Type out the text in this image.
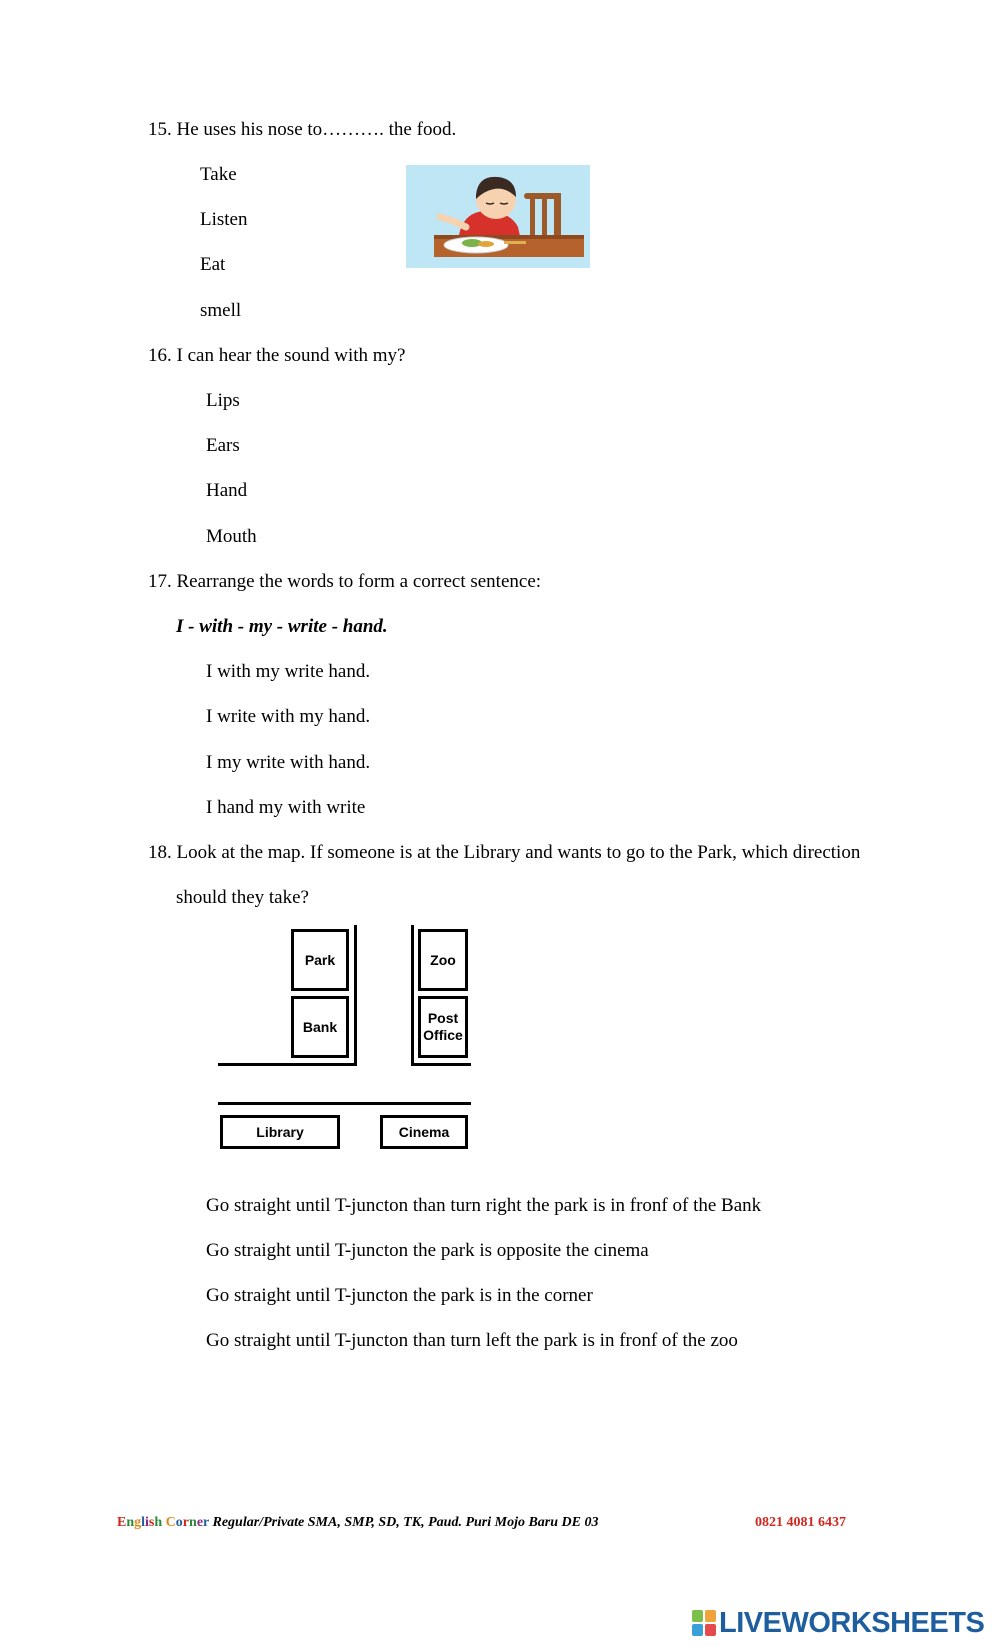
15. He uses his nose to………. the food.
Take
Listen
Eat
smell
16. I can hear the sound with my?
Lips
Ears
Hand
Mouth
17. Rearrange the words to form a correct sentence:
I - with - my - write - hand.
I with my write hand.
I write with my hand.
I my write with hand.
I hand my with write
18. Look at the map. If someone is at the Library and wants to go to the Park, which direction
should they take?
Park
Bank
Zoo
Post
Office
Library	Cinema
Go straight until T-juncton than turn right the park is in fronf of the Bank
Go straight until T-juncton the park is opposite the cinema
Go straight until T-juncton the park is in the corner
Go straight until T-juncton than turn left the park is in fronf of the zoo
English Corner Regular/Private SMA, SMP, SD, TK, Paud. Puri Mojo Baru DE 03	0821 4081 6437
LIVEWORKSHEETS
